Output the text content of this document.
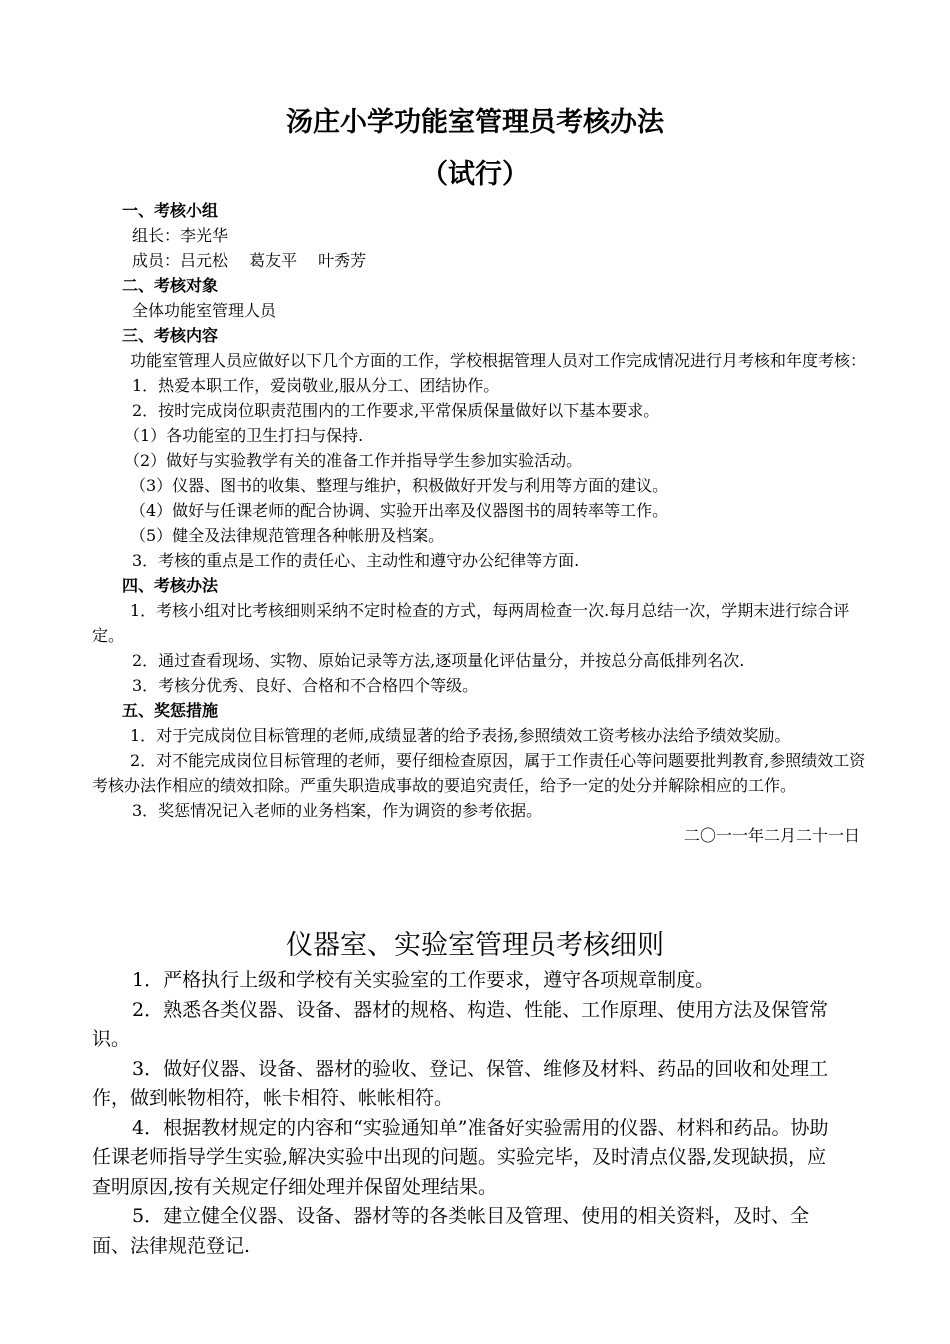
汤庄小学功能室管理员考核办法
（试行）
一、考核小组
组长：李光华
成员：吕元松　 葛友平　 叶秀芳
二、考核对象
全体功能室管理人员
三、考核内容
功能室管理人员应做好以下几个方面的工作，学校根据管理人员对工作完成情况进行月考核和年度考核：
1．热爱本职工作，爱岗敬业,服从分工、团结协作。
2．按时完成岗位职责范围内的工作要求,平常保质保量做好以下基本要求。
（1）各功能室的卫生打扫与保持.
（2）做好与实验教学有关的准备工作并指导学生参加实验活动。
（3）仪器、图书的收集、整理与维护，积极做好开发与利用等方面的建议。
（4）做好与任课老师的配合协调、实验开出率及仪器图书的周转率等工作。
（5）健全及法律规范管理各种帐册及档案。
3．考核的重点是工作的责任心、主动性和遵守办公纪律等方面.
四、考核办法
1．考核小组对比考核细则采纳不定时检查的方式，每两周检查一次.每月总结一次，学期末进行综合评定。
2．通过查看现场、实物、原始记录等方法,逐项量化评估量分，并按总分高低排列名次.
3．考核分优秀、良好、合格和不合格四个等级。
五、奖惩措施
1．对于完成岗位目标管理的老师,成绩显著的给予表扬,参照绩效工资考核办法给予绩效奖励。
2．对不能完成岗位目标管理的老师，要仔细检查原因，属于工作责任心等问题要批判教育,参照绩效工资考核办法作相应的绩效扣除。严重失职造成事故的要追究责任，给予一定的处分并解除相应的工作。
3．奖惩情况记入老师的业务档案，作为调资的参考依据。
二〇一一年二月二十一日
仪器室、实验室管理员考核细则
1．严格执行上级和学校有关实验室的工作要求，遵守各项规章制度。
2．熟悉各类仪器、设备、器材的规格、构造、性能、工作原理、使用方法及保管常识。
3．做好仪器、设备、器材的验收、登记、保管、维修及材料、药品的回收和处理工作，做到帐物相符，帐卡相符、帐帐相符。
4．根据教材规定的内容和“实验通知单”准备好实验需用的仪器、材料和药品。协助任课老师指导学生实验,解决实验中出现的问题。实验完毕，及时清点仪器,发现缺损，应查明原因,按有关规定仔细处理并保留处理结果。
5．建立健全仪器、设备、器材等的各类帐目及管理、使用的相关资料，及时、全面、法律规范登记.
